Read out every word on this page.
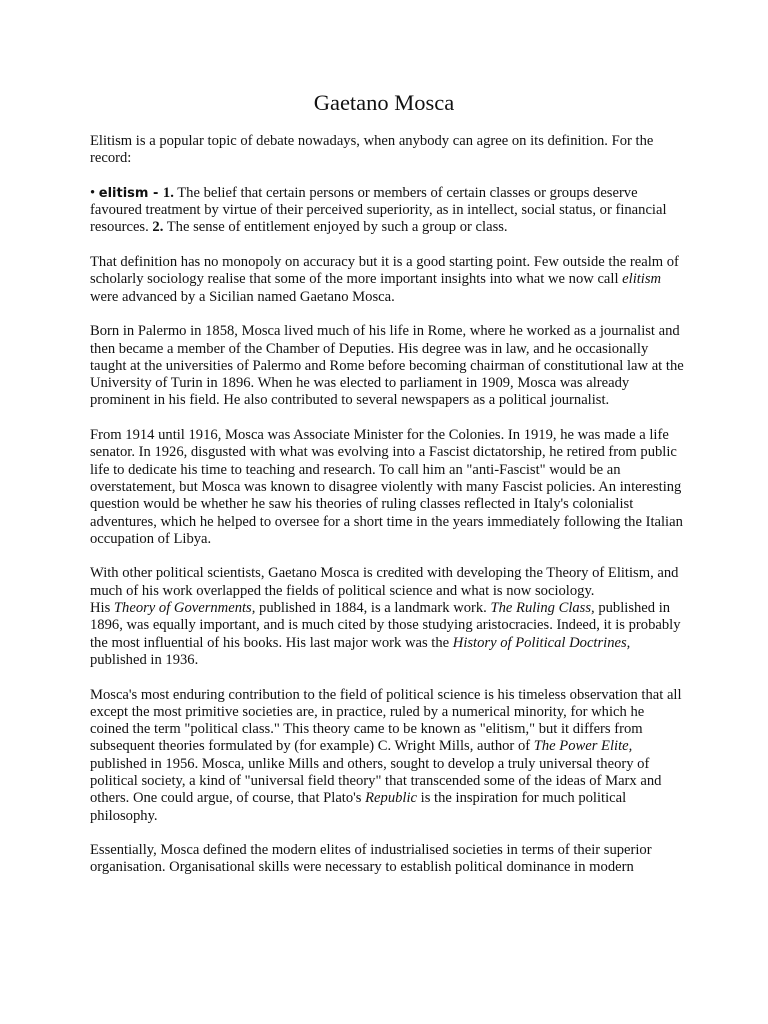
Gaetano Mosca

Elitism is a popular topic of debate nowadays, when anybody can agree on its definition. For the record:

• elitism - 1. The belief that certain persons or members of certain classes or groups deserve favoured treatment by virtue of their perceived superiority, as in intellect, social status, or financial resources. 2. The sense of entitlement enjoyed by such a group or class.

That definition has no monopoly on accuracy but it is a good starting point. Few outside the realm of scholarly sociology realise that some of the more important insights into what we now call elitism were advanced by a Sicilian named Gaetano Mosca.

Born in Palermo in 1858, Mosca lived much of his life in Rome, where he worked as a journalist and then became a member of the Chamber of Deputies. His degree was in law, and he occasionally taught at the universities of Palermo and Rome before becoming chairman of constitutional law at the University of Turin in 1896. When he was elected to parliament in 1909, Mosca was already prominent in his field. He also contributed to several newspapers as a political journalist.

From 1914 until 1916, Mosca was Associate Minister for the Colonies. In 1919, he was made a life senator. In 1926, disgusted with what was evolving into a Fascist dictatorship, he retired from public life to dedicate his time to teaching and research. To call him an "anti-Fascist" would be an overstatement, but Mosca was known to disagree violently with many Fascist policies. An interesting question would be whether he saw his theories of ruling classes reflected in Italy's colonialist adventures, which he helped to oversee for a short time in the years immediately following the Italian occupation of Libya.

With other political scientists, Gaetano Mosca is credited with developing the Theory of Elitism, and much of his work overlapped the fields of political science and what is now sociology.
His Theory of Governments, published in 1884, is a landmark work. The Ruling Class, published in 1896, was equally important, and is much cited by those studying aristocracies. Indeed, it is probably the most influential of his books. His last major work was the History of Political Doctrines, published in 1936.

Mosca's most enduring contribution to the field of political science is his timeless observation that all except the most primitive societies are, in practice, ruled by a numerical minority, for which he coined the term "political class." This theory came to be known as "elitism," but it differs from subsequent theories formulated by (for example) C. Wright Mills, author of The Power Elite, published in 1956. Mosca, unlike Mills and others, sought to develop a truly universal theory of political society, a kind of "universal field theory" that transcended some of the ideas of Marx and others. One could argue, of course, that Plato's Republic is the inspiration for much political philosophy.

Essentially, Mosca defined the modern elites of industrialised societies in terms of their superior organisation. Organisational skills were necessary to establish political dominance in modern
